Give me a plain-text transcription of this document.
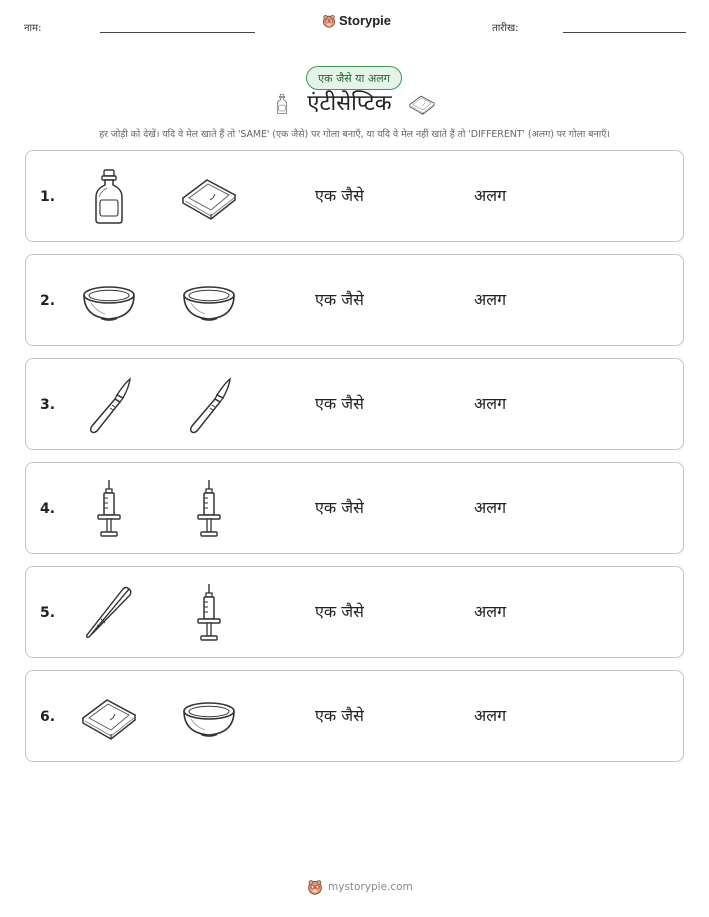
नाम:
Storypie
तारीख:
एक जैसे या अलग
एंटीसेप्टिक
हर जोड़ी को देखें। यदि वे मेल खाते हैं तो 'SAME' (एक जैसे) पर गोला बनाएँ, या यदि वे मेल नहीं खाते हैं तो 'DIFFERENT' (अलग) पर गोला बनाएँ।
1.	एक जैसे	अलग
2.	एक जैसे	अलग
3.	एक जैसे	अलग
4.	एक जैसे	अलग
5.	एक जैसे	अलग
6.	एक जैसे	अलग
mystorypie.com
